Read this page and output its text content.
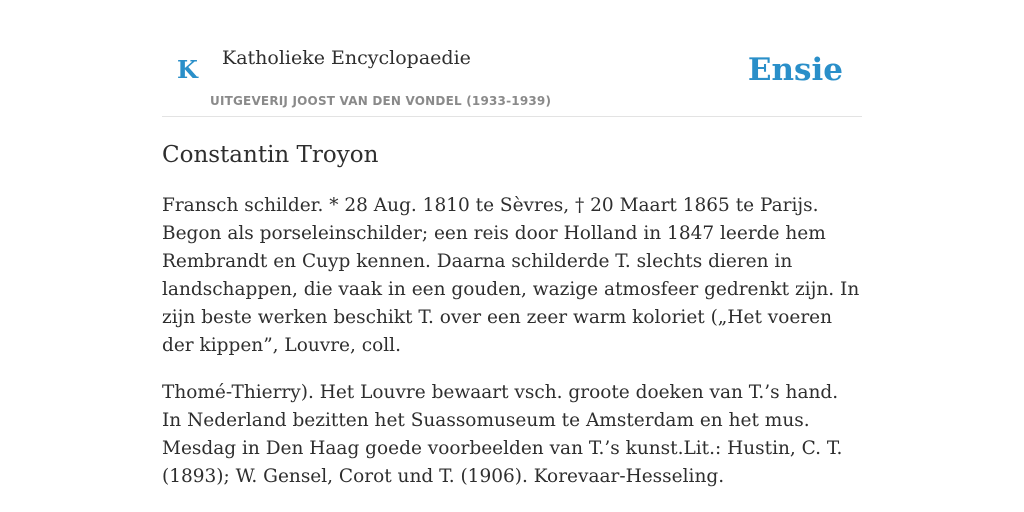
K Katholieke Encyclopaedie
UITGEVERIJ JOOST VAN DEN VONDEL (1933-1939)
Ensie
Constantin Troyon

Fransch schilder. * 28 Aug. 1810 te Sèvres, † 20 Maart 1865 te Parijs. Begon als porseleinschilder; een reis door Holland in 1847 leerde hem Rembrandt en Cuyp kennen. Daarna schilderde T. slechts dieren in landschappen, die vaak in een gouden, wazige atmosfeer gedrenkt zijn. In zijn beste werken beschikt T. over een zeer warm koloriet („Het voeren der kippen”, Louvre, coll.

Thomé-Thierry). Het Louvre bewaart vsch. groote doeken van T.’s hand. In Nederland bezitten het Suassomuseum te Amsterdam en het mus. Mesdag in Den Haag goede voorbeelden van T.’s kunst.Lit.: Hustin, C. T. (1893); W. Gensel, Corot und T. (1906). Korevaar-Hesseling.
